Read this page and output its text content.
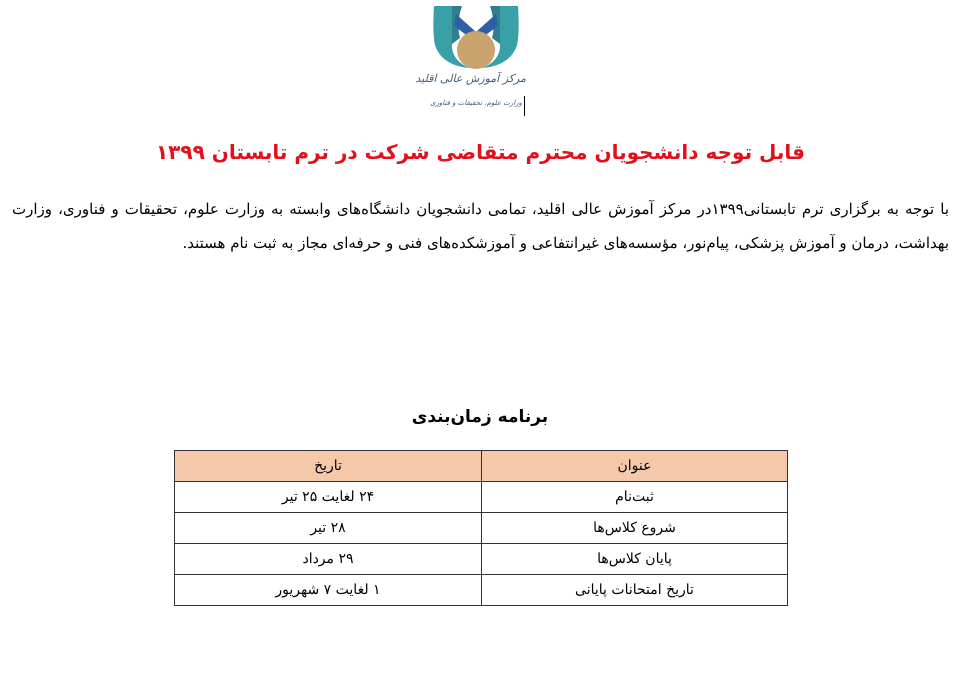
مرکز آموزش عالی اقلید
وزارت علوم، تحقیقات و فناوری
قابل توجه دانشجویان محترم متقاضی شرکت در ترم تابستان ۱۳۹۹
با توجه به برگزاری ترم تابستانی۱۳۹۹در مرکز آموزش عالی اقلید، تمامی دانشجویان دانشگاه‌های وابسته به وزارت علوم، تحقیقات و فناوری، وزارت بهداشت، درمان و آموزش پزشکی، پیام‌نور، مؤسسه‌های غیرانتفاعی و آموزشکده‌های فنی و حرفه‌ای مجاز به ثبت نام هستند.
برنامه زمان‌بندی
عنوان	تاریخ
ثبت‌نام	۲۴ لغایت ۲۵ تیر
شروع کلاس‌ها	۲۸ تیر
پایان کلاس‌ها	۲۹ مرداد
تاریخ امتحانات پایانی	۱ لغایت ۷ شهریور
